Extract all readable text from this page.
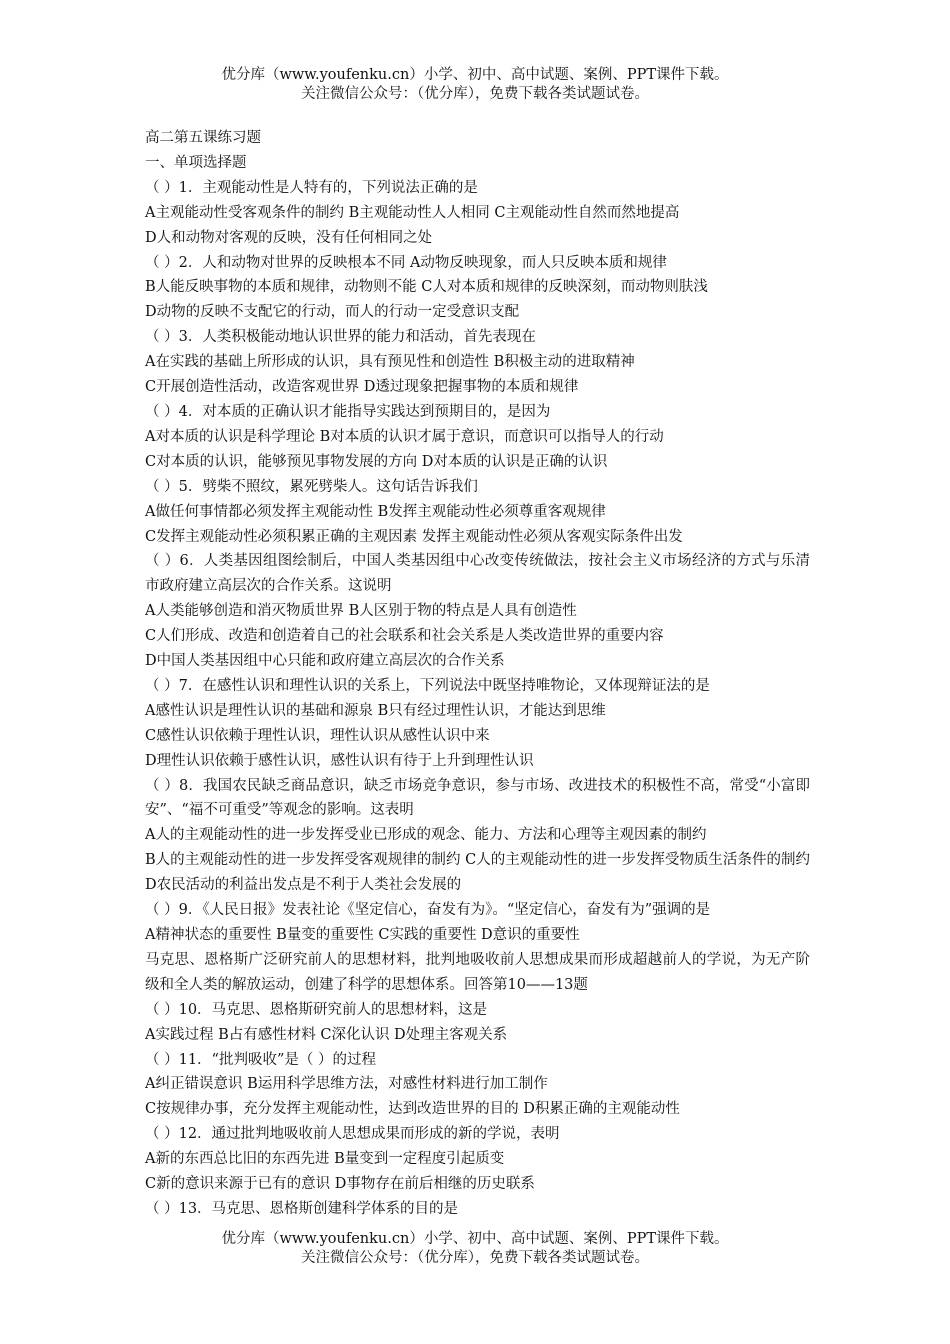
优分库（www.youfenku.cn）小学、初中、高中试题、案例、PPT课件下载。
关注微信公众号：（优分库），免费下载各类试题试卷。
高二第五课练习题
一、单项选择题
（ ）1．主观能动性是人特有的，下列说法正确的是
A主观能动性受客观条件的制约 B主观能动性人人相同 C主观能动性自然而然地提高
D人和动物对客观的反映，没有任何相同之处
（ ）2．人和动物对世界的反映根本不同 A动物反映现象，而人只反映本质和规律
B人能反映事物的本质和规律，动物则不能 C人对本质和规律的反映深刻，而动物则肤浅
D动物的反映不支配它的行动，而人的行动一定受意识支配
（ ）3．人类积极能动地认识世界的能力和活动，首先表现在
A在实践的基础上所形成的认识，具有预见性和创造性 B积极主动的进取精神
C开展创造性活动，改造客观世界 D透过现象把握事物的本质和规律
（ ）4．对本质的正确认识才能指导实践达到预期目的，是因为
A对本质的认识是科学理论 B对本质的认识才属于意识，而意识可以指导人的行动
C对本质的认识，能够预见事物发展的方向 D对本质的认识是正确的认识
（ ）5．劈柴不照纹，累死劈柴人。这句话告诉我们
A做任何事情都必须发挥主观能动性 B发挥主观能动性必须尊重客观规律
C发挥主观能动性必须积累正确的主观因素 发挥主观能动性必须从客观实际条件出发
（ ）6．人类基因组图绘制后，中国人类基因组中心改变传统做法，按社会主义市场经济的方式与乐清市政府建立高层次的合作关系。这说明
A人类能够创造和消灭物质世界 B人区别于物的特点是人具有创造性
C人们形成、改造和创造着自己的社会联系和社会关系是人类改造世界的重要内容
D中国人类基因组中心只能和政府建立高层次的合作关系
（ ）7．在感性认识和理性认识的关系上，下列说法中既坚持唯物论，又体现辩证法的是
A感性认识是理性认识的基础和源泉 B只有经过理性认识，才能达到思维
C感性认识依赖于理性认识，理性认识从感性认识中来
D理性认识依赖于感性认识，感性认识有待于上升到理性认识
（ ）8．我国农民缺乏商品意识，缺乏市场竞争意识，参与市场、改进技术的积极性不高，常受“小富即安”、“福不可重受”等观念的影响。这表明
A人的主观能动性的进一步发挥受业已形成的观念、能力、方法和心理等主观因素的制约
B人的主观能动性的进一步发挥受客观规律的制约 C人的主观能动性的进一步发挥受物质生活条件的制约 D农民活动的利益出发点是不利于人类社会发展的
（ ）9．《人民日报》发表社论《坚定信心，奋发有为》。“坚定信心，奋发有为”强调的是
A精神状态的重要性 B量变的重要性 C实践的重要性 D意识的重要性
马克思、恩格斯广泛研究前人的思想材料，批判地吸收前人思想成果而形成超越前人的学说，为无产阶级和全人类的解放运动，创建了科学的思想体系。回答第10——13题
（ ）10．马克思、恩格斯研究前人的思想材料，这是
A实践过程 B占有感性材料 C深化认识 D处理主客观关系
（ ）11．“批判吸收”是（ ）的过程
A纠正错误意识 B运用科学思维方法，对感性材料进行加工制作
C按规律办事，充分发挥主观能动性，达到改造世界的目的 D积累正确的主观能动性
（ ）12．通过批判地吸收前人思想成果而形成的新的学说，表明
A新的东西总比旧的东西先进 B量变到一定程度引起质变
C新的意识来源于已有的意识 D事物存在前后相继的历史联系
（ ）13．马克思、恩格斯创建科学体系的目的是
优分库（www.youfenku.cn）小学、初中、高中试题、案例、PPT课件下载。
关注微信公众号：（优分库），免费下载各类试题试卷。
